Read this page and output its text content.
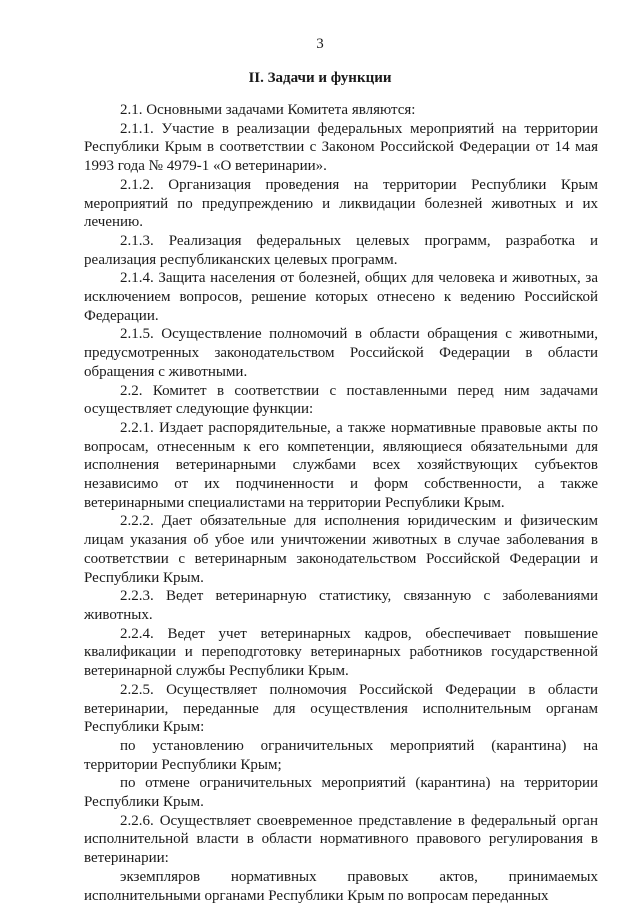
3
II. Задачи и функции

2.1. Основными задачами Комитета являются:

2.1.1. Участие в реализации федеральных мероприятий на территории Республики Крым в соответствии с Законом Российской Федерации от 14 мая 1993 года № 4979-1 «О ветеринарии».

2.1.2. Организация проведения на территории Республики Крым мероприятий по предупреждению и ликвидации болезней животных и их лечению.

2.1.3. Реализация федеральных целевых программ, разработка и реализация республиканских целевых программ.

2.1.4. Защита населения от болезней, общих для человека и животных, за исключением вопросов, решение которых отнесено к ведению Российской Федерации.

2.1.5. Осуществление полномочий в области обращения с животными, предусмотренных законодательством Российской Федерации в области обращения с животными.

2.2. Комитет в соответствии с поставленными перед ним задачами осуществляет следующие функции:

2.2.1. Издает распорядительные, а также нормативные правовые акты по вопросам, отнесенным к его компетенции, являющиеся обязательными для исполнения ветеринарными службами всех хозяйствующих субъектов независимо от их подчиненности и форм собственности, а также ветеринарными специалистами на территории Республики Крым.

2.2.2. Дает обязательные для исполнения юридическим и физическим лицам указания об убое или уничтожении животных в случае заболевания в соответствии с ветеринарным законодательством Российской Федерации и Республики Крым.

2.2.3. Ведет ветеринарную статистику, связанную с заболеваниями животных.

2.2.4. Ведет учет ветеринарных кадров, обеспечивает повышение квалификации и переподготовку ветеринарных работников государственной ветеринарной службы Республики Крым.

2.2.5. Осуществляет полномочия Российской Федерации в области ветеринарии, переданные для осуществления исполнительным органам Республики Крым:

по установлению ограничительных мероприятий (карантина) на территории Республики Крым;

по отмене ограничительных мероприятий (карантина) на территории Республики Крым.

2.2.6. Осуществляет своевременное представление в федеральный орган исполнительной власти в области нормативного правового регулирования в ветеринарии:

экземпляров нормативных правовых актов, принимаемых исполнительными органами Республики Крым по вопросам переданных
